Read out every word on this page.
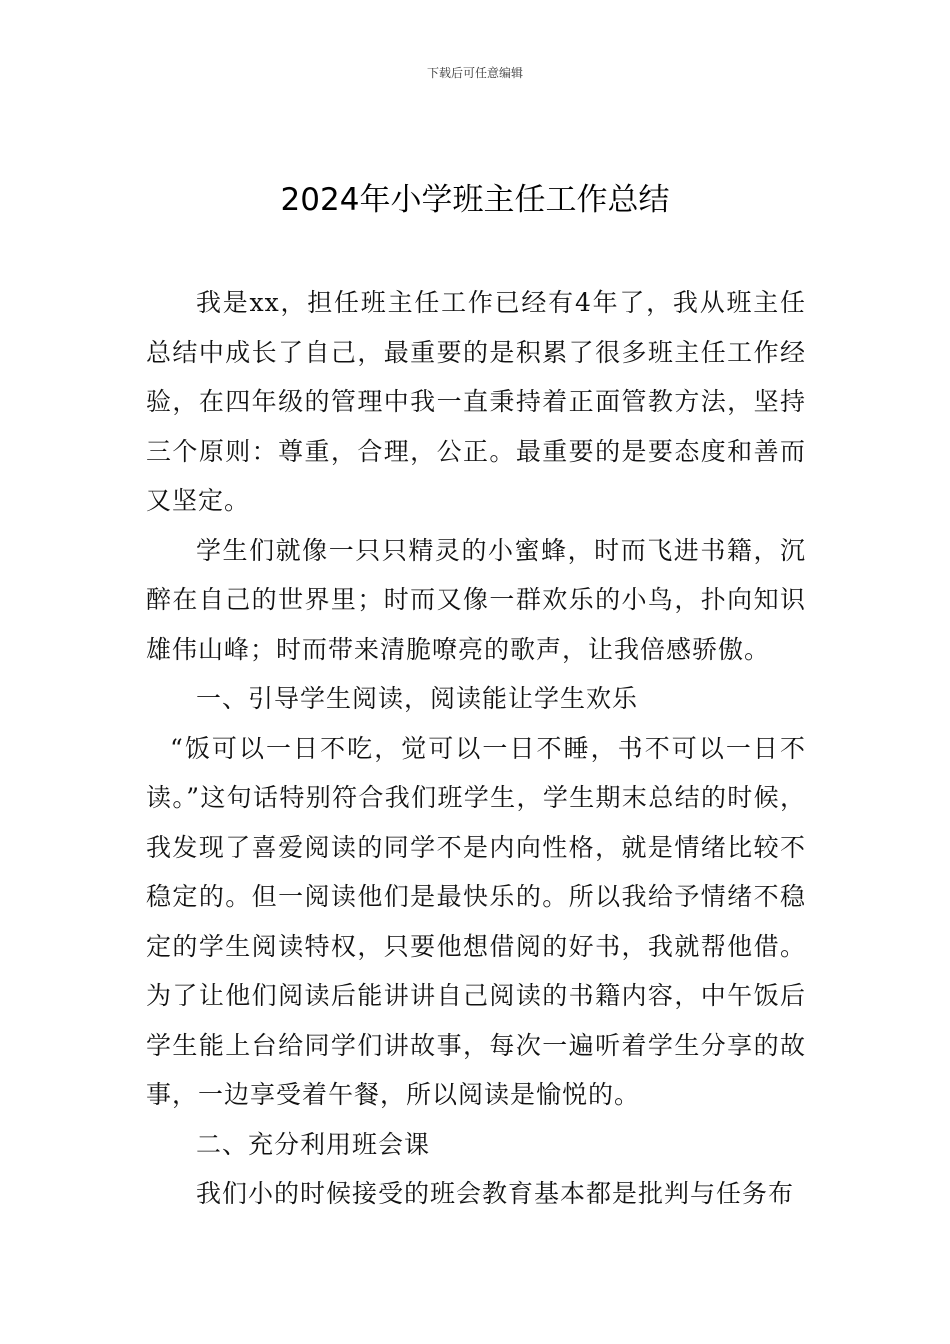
下载后可任意编辑
2024年小学班主任工作总结

我是xx，担任班主任工作已经有4年了，我从班主任总结中成长了自己，最重要的是积累了很多班主任工作经验，在四年级的管理中我一直秉持着正面管教方法，坚持三个原则：尊重，合理，公正。最重要的是要态度和善而又坚定。

学生们就像一只只精灵的小蜜蜂，时而飞进书籍，沉醉在自己的世界里；时而又像一群欢乐的小鸟，扑向知识雄伟山峰；时而带来清脆嘹亮的歌声，让我倍感骄傲。

一、引导学生阅读，阅读能让学生欢乐

“饭可以一日不吃，觉可以一日不睡，书不可以一日不读。”这句话特别符合我们班学生，学生期末总结的时候，我发现了喜爱阅读的同学不是内向性格，就是情绪比较不稳定的。但一阅读他们是最快乐的。所以我给予情绪不稳定的学生阅读特权，只要他想借阅的好书，我就帮他借。为了让他们阅读后能讲讲自己阅读的书籍内容，中午饭后学生能上台给同学们讲故事，每次一遍听着学生分享的故事，一边享受着午餐，所以阅读是愉悦的。

二、充分利用班会课

我们小的时候接受的班会教育基本都是批判与任务布
